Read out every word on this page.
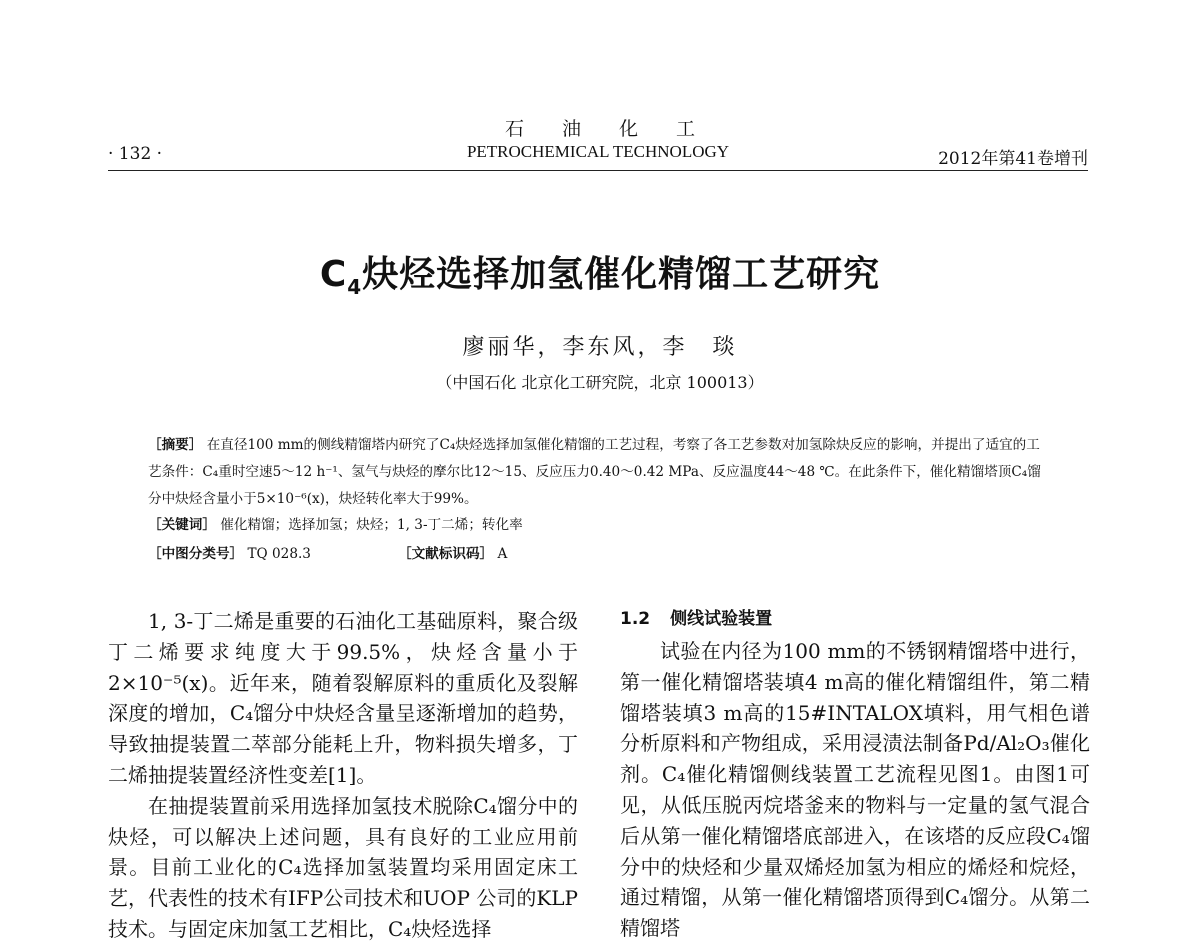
石油化工
· 132 ·	PETROCHEMICAL TECHNOLOGY	2012年第41卷增刊
$C_4$炔烃选择加氢催化精馏工艺研究
廖丽华，李东风，李　琰
（中国石化 北京化工研究院，北京 100013）
［摘要］ 在直径100 mm的侧线精馏塔内研究了C₄炔烃选择加氢催化精馏的工艺过程，考察了各工艺参数对加氢除炔反应的影响，并提出了适宜的工艺条件：C₄重时空速5～12 h⁻¹、氢气与炔烃的摩尔比12～15、反应压力0.40～0.42 MPa、反应温度44～48 ℃。在此条件下，催化精馏塔顶C₄馏分中炔烃含量小于5×10⁻⁶(x)，炔烃转化率大于99%。
［关键词］ 催化精馏；选择加氢；炔烃；1, 3-丁二烯；转化率
［中图分类号］ TQ 028.3	［文献标识码］ A

1, 3-丁二烯是重要的石油化工基础原料，聚合级丁二烯要求纯度大于99.5%，炔烃含量小于2×10⁻⁵(x)。近年来，随着裂解原料的重质化及裂解深度的增加，C₄馏分中炔烃含量呈逐渐增加的趋势，导致抽提装置二萃部分能耗上升，物料损失增多，丁二烯抽提装置经济性变差[1]。

在抽提装置前采用选择加氢技术脱除C₄馏分中的炔烃，可以解决上述问题，具有良好的工业应用前景。目前工业化的C₄选择加氢装置均采用固定床工艺，代表性的技术有IFP公司技术和UOP 公司的KLP技术。与固定床加氢工艺相比，C₄炔烃选择

1.2 侧线试验装置

试验在内径为100 mm的不锈钢精馏塔中进行，第一催化精馏塔装填4 m高的催化精馏组件，第二精馏塔装填3 m高的15#INTALOX填料，用气相色谱分析原料和产物组成，采用浸渍法制备Pd/Al₂O₃催化剂。C₄催化精馏侧线装置工艺流程见图1。由图1可见，从低压脱丙烷塔釜来的物料与一定量的氢气混合后从第一催化精馏塔底部进入，在该塔的反应段C₄馏分中的炔烃和少量双烯烃加氢为相应的烯烃和烷烃，通过精馏，从第一催化精馏塔顶得到C₄馏分。从第二精馏塔
